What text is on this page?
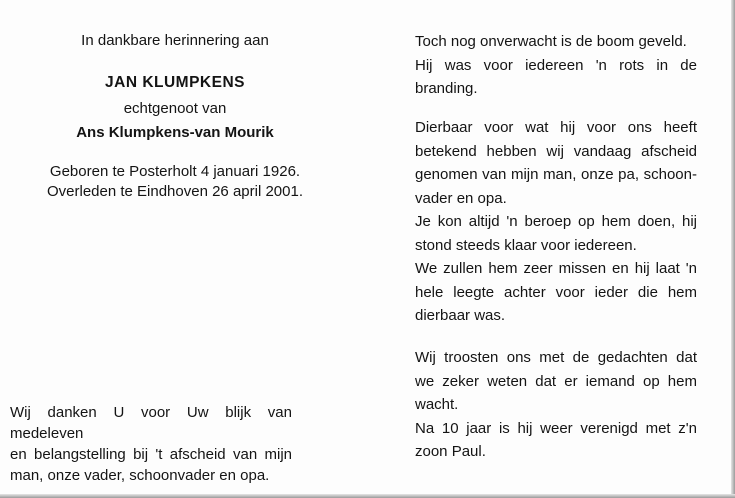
In dankbare herinnering aan
JAN KLUMPKENS
echtgenoot van
Ans Klumpkens-van Mourik
Geboren te Posterholt 4 januari 1926.
Overleden te Eindhoven 26 april 2001.
Wij danken U voor Uw blijk van medeleven
en belangstelling bij 't afscheid van mijn
man, onze vader, schoonvader en opa.
Toch nog onverwacht is de boom geveld.
Hij was voor iedereen 'n rots in de
branding.
Dierbaar voor wat hij voor ons heeft
betekend hebben wij vandaag afscheid
genomen van mijn man, onze pa, schoon-
vader en opa.
Je kon altijd 'n beroep op hem doen, hij
stond steeds klaar voor iedereen.
We zullen hem zeer missen en hij laat 'n
hele leegte achter voor ieder die hem
dierbaar was.
Wij troosten ons met de gedachten dat
we zeker weten dat er iemand op hem
wacht.
Na 10 jaar is hij weer verenigd met z'n
zoon Paul.
